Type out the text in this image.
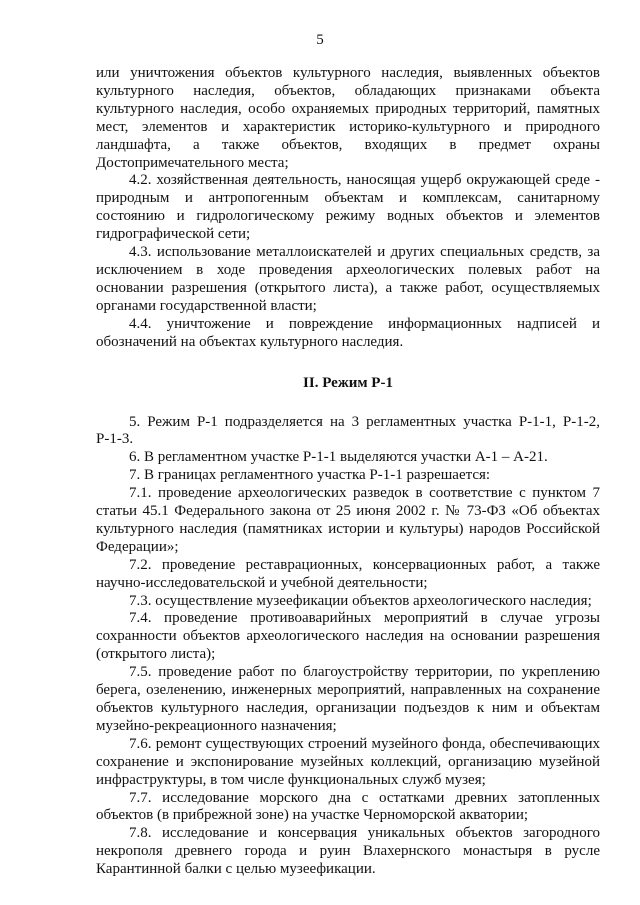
5

или уничтожения объектов культурного наследия, выявленных объектов культурного наследия, объектов, обладающих признаками объекта культурного наследия, особо охраняемых природных территорий, памятных мест, элементов и характеристик историко-культурного и природного ландшафта, а также объектов, входящих в предмет охраны Достопримечательного места;

4.2. хозяйственная деятельность, наносящая ущерб окружающей среде - природным и антропогенным объектам и комплексам, санитарному состоянию и гидрологическому режиму водных объектов и элементов гидрографической сети;

4.3. использование металлоискателей и других специальных средств, за исключением в ходе проведения археологических полевых работ на основании разрешения (открытого листа), а также работ, осуществляемых органами государственной власти;

4.4. уничтожение и повреждение информационных надписей и обозначений на объектах культурного наследия.

II. Режим Р-1

5. Режим Р-1 подразделяется на 3 регламентных участка Р-1-1, Р-1-2, Р-1-3.

6. В регламентном участке Р-1-1 выделяются участки А-1 – А-21.

7. В границах регламентного участка Р-1-1 разрешается:

7.1. проведение археологических разведок в соответствие с пунктом 7 статьи 45.1 Федерального закона от 25 июня 2002 г. № 73-ФЗ «Об объектах культурного наследия (памятниках истории и культуры) народов Российской Федерации»;

7.2. проведение реставрационных, консервационных работ, а также научно-исследовательской и учебной деятельности;

7.3. осуществление музеефикации объектов археологического наследия;

7.4. проведение противоаварийных мероприятий в случае угрозы сохранности объектов археологического наследия на основании разрешения (открытого листа);

7.5. проведение работ по благоустройству территории, по укреплению берега, озеленению, инженерных мероприятий, направленных на сохранение объектов культурного наследия, организации подъездов к ним и объектам музейно-рекреационного назначения;

7.6. ремонт существующих строений музейного фонда, обеспечивающих сохранение и экспонирование музейных коллекций, организацию музейной инфраструктуры, в том числе функциональных служб музея;

7.7. исследование морского дна с остатками древних затопленных объектов (в прибрежной зоне) на участке Черноморской акватории;

7.8. исследование и консервация уникальных объектов загородного некрополя древнего города и руин Влахернского монастыря в русле Карантинной балки с целью музеефикации.
